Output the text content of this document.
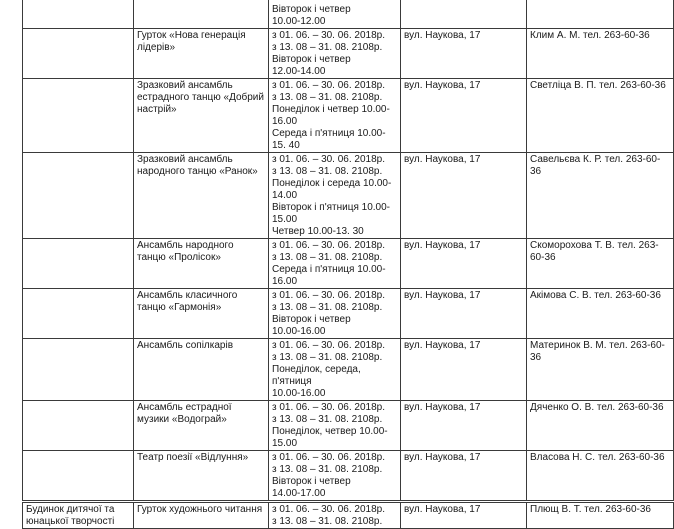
		Вівторок і четвер
10.00-12.00		

	Гурток «Нова генерація лідерів»	з 01. 06. – 30. 06. 2018р.
з 13. 08 – 31. 08. 2108р.
Вівторок і четвер
12.00-14.00	вул. Наукова, 17	Клим А. М. тел. 263-60-36

	Зразковий ансамбль естрадного танцю «Добрий настрій»	з 01. 06. – 30. 06. 2018р.
з 13. 08 – 31. 08. 2108р.
Понеділок і четвер 10.00-16.00
Середа і п'ятниця 10.00-15. 40	вул. Наукова, 17	Светліца В. П. тел. 263-60-36

	Зразковий ансамбль народного танцю «Ранок»	з 01. 06. – 30. 06. 2018р.
з 13. 08 – 31. 08. 2108р.
Понеділок і середа 10.00-14.00
Вівторок і п'ятниця 10.00-15.00
Четвер 10.00-13. 30	вул. Наукова, 17	Савельєва К. Р. тел. 263-60-36

	Ансамбль народного танцю «Пролісок»	з 01. 06. – 30. 06. 2018р.
з 13. 08 – 31. 08. 2108р.
Середа і п'ятниця 10.00-16.00	вул. Наукова, 17	Скоморохова Т. В. тел. 263-60-36

	Ансамбль класичного танцю «Гармонія»	з 01. 06. – 30. 06. 2018р.
з 13. 08 – 31. 08. 2108р.
Вівторок і четвер
10.00-16.00	вул. Наукова, 17	Акімова С. В. тел. 263-60-36

	Ансамбль сопілкарів	з 01. 06. – 30. 06. 2018р.
з 13. 08 – 31. 08. 2108р.
Понеділок, середа, п'ятниця
10.00-16.00	вул. Наукова, 17	Материнок В. М. тел. 263-60-36

	Ансамбль естрадної музики «Водограй»	з 01. 06. – 30. 06. 2018р.
з 13. 08 – 31. 08. 2108р.
Понеділок, четвер 10.00-15.00	вул. Наукова, 17	Дяченко О. В. тел. 263-60-36

	Театр поезії «Відлуння»	з 01. 06. – 30. 06. 2018р.
з 13. 08 – 31. 08. 2108р.
Вівторок і четвер
14.00-17.00	вул. Наукова, 17	Власова Н. С. тел. 263-60-36

Будинок дитячої та
юнацької творчості	Гурток художнього читання	з 01. 06. – 30. 06. 2018р.
з 13. 08 – 31. 08. 2108р.	вул. Наукова, 17	Плющ В. Т. тел. 263-60-36
